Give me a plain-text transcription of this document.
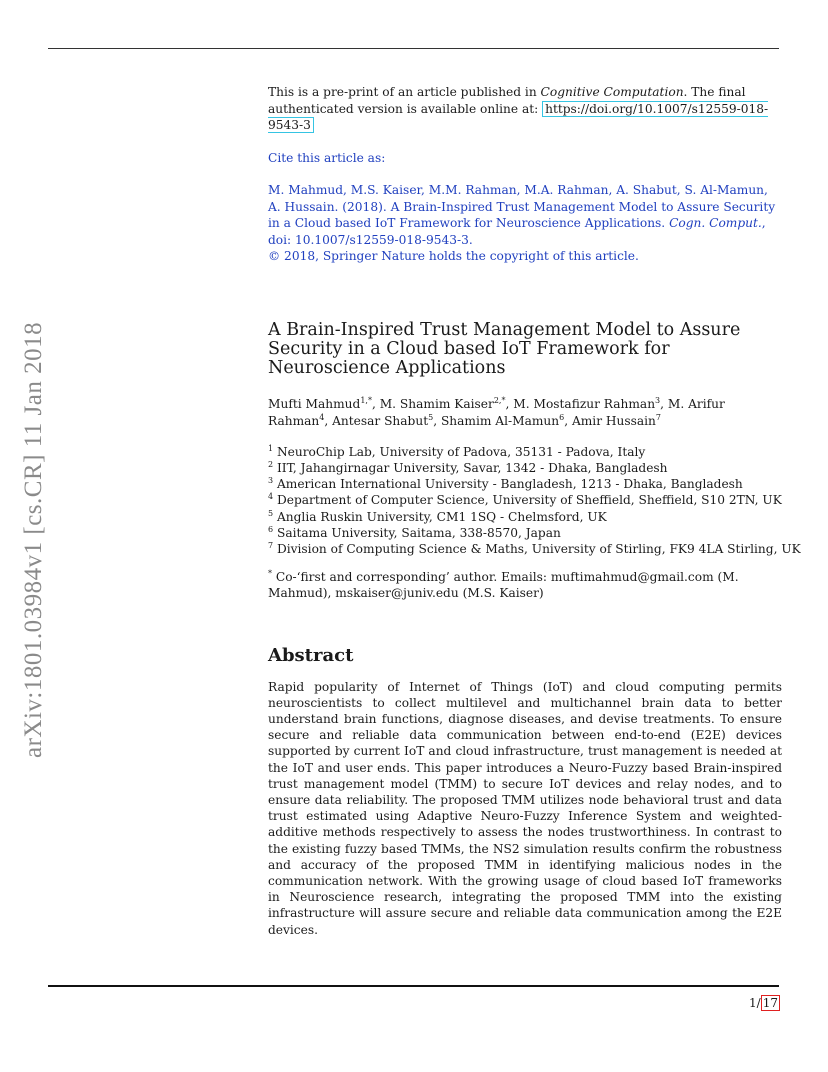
arXiv:1801.03984v1 [cs.CR] 11 Jan 2018

This is a pre-print of an article published in Cognitive Computation. The final
authenticated version is available online at: https://doi.org/10.1007/s12559-018-9543-3

Cite this article as:

M. Mahmud, M.S. Kaiser, M.M. Rahman, M.A. Rahman, A. Shabut, S. Al-Mamun, A. Hussain. (2018). A Brain-Inspired Trust Management Model to Assure Security in a Cloud based IoT Framework for Neuroscience Applications. Cogn. Comput., doi: 10.1007/s12559-018-9543-3.

© 2018, Springer Nature holds the copyright of this article.

A Brain-Inspired Trust Management Model to Assure Security in a Cloud based IoT Framework for Neuroscience Applications
Mufti Mahmud$^{1,*}$, M. Shamim Kaiser$^{2,*}$, M. Mostafizur Rahman$^3$, M. Arifur Rahman$^4$, Antesar Shabut$^5$, Shamim Al-Mamun$^6$, Amir Hussain$^7$
$^1$ NeuroChip Lab, University of Padova, 35131 - Padova, Italy
$^2$ IIT, Jahangirnagar University, Savar, 1342 - Dhaka, Bangladesh
$^3$ American International University - Bangladesh, 1213 - Dhaka, Bangladesh
$^4$ Department of Computer Science, University of Sheffield, Sheffield, S10 2TN, UK
$^5$ Anglia Ruskin University, CM1 1SQ - Chelmsford, UK
$^6$ Saitama University, Saitama, 338-8570, Japan
$^7$ Division of Computing Science & Maths, University of Stirling, FK9 4LA Stirling, UK
* Co-‘first and corresponding’ author. Emails: muftimahmud@gmail.com (M. Mahmud), mskaiser@juniv.edu (M.S. Kaiser)
Abstract
Rapid popularity of Internet of Things (IoT) and cloud computing permits neuroscientists to collect multilevel and multichannel brain data to better understand brain functions, diagnose diseases, and devise treatments. To ensure secure and reliable data communication between end-to-end (E2E) devices supported by current IoT and cloud infrastructure, trust management is needed at the IoT and user ends. This paper introduces a Neuro-Fuzzy based Brain-inspired trust management model (TMM) to secure IoT devices and relay nodes, and to ensure data reliability. The proposed TMM utilizes node behavioral trust and data trust estimated using Adaptive Neuro-Fuzzy Inference System and weighted-additive methods respectively to assess the nodes trustworthiness. In contrast to the existing fuzzy based TMMs, the NS2 simulation results confirm the robustness and accuracy of the proposed TMM in identifying malicious nodes in the communication network. With the growing usage of cloud based IoT frameworks in Neuroscience research, integrating the proposed TMM into the existing infrastructure will assure secure and reliable data communication among the E2E devices.
1/ 17
